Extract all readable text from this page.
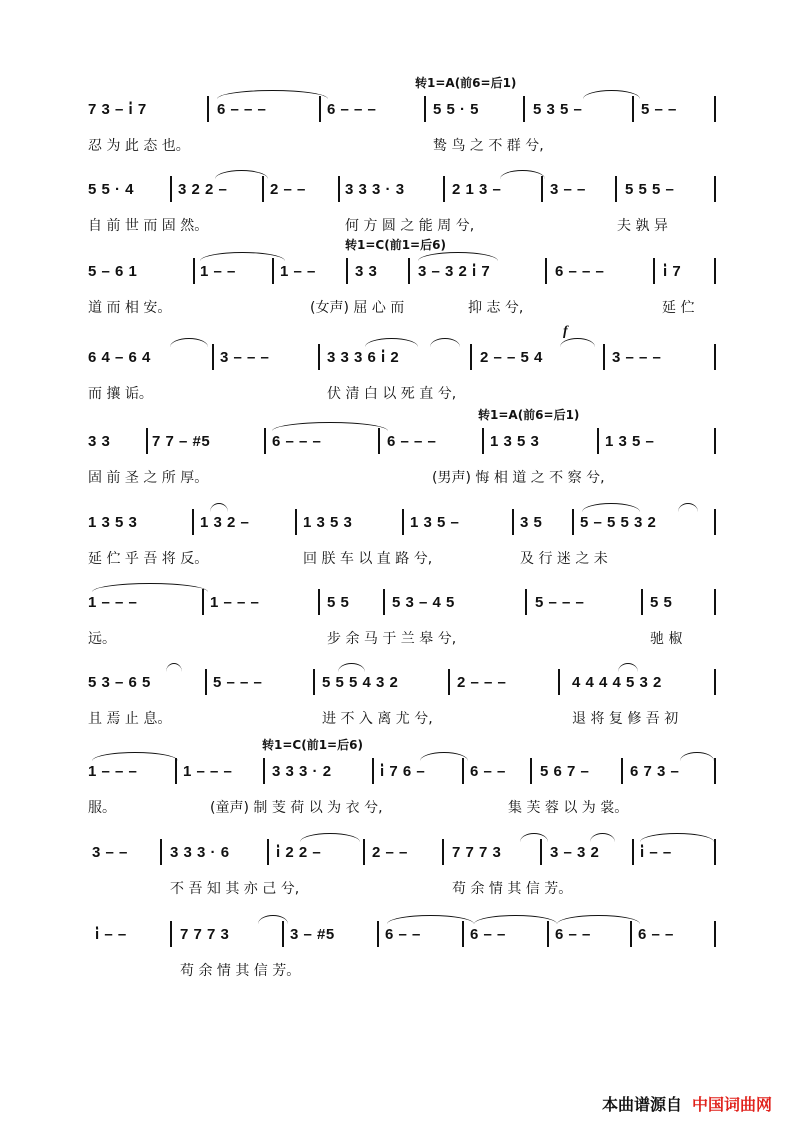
转1=A(前6=后1)
7 3 – i̇ 7	6 – – –	6 – – –	5 5 · 5	5 3 5 –	5 – –
忍 为 此 态 也。	鸷 鸟 之 不 群 兮,
5 5 · 4	3 2 2 –	2 – –	3 3 3 · 3	2 1 3 –	3 – –	5 5 5 –
自 前 世 而 固 然。	何 方 圆 之 能 周 兮,	夫 孰 异
转1=C(前1=后6)
5 – 6 1	1 – –	1 – –	3 3	3 – 3 2 i̇ 7	6 – – –	i̇ 7
道 而 相 安。	(女声) 屈 心 而	抑 志 兮,	延 伫
f
6 4 – 6 4	3 – – –	3 3 3 6 i̇ 2	2 – – 5 4	3 – – –
而 攘 诟。	伏 清 白 以 死 直 兮,
转1=A(前6=后1)
3 3	7 7 – #5	6 – – –	6 – – –	1 3 5 3	1 3 5 –
固 前 圣 之 所 厚。	(男声) 悔 相 道 之 不 察 兮,
1 3 5 3	1 3 2 –	1 3 5 3	1 3 5 –	3 5	5 – 5 5 3 2
延 伫 乎 吾 将 反。	回 朕 车 以 直 路 兮,	及 行 迷 之 未
1 – – –	1 – – –	5 5	5 3 – 4 5	5 – – –	5 5
远。	步 余 马 于 兰 皋 兮,	驰 椒
5 3 – 6 5	5 – – –	5 5 5 4 3 2	2 – – –	4 4 4 4 5 3 2
且 焉 止 息。	进 不 入 离 尤 兮,	退 将 复 修 吾 初
转1=C(前1=后6)
1 – – –	1 – – –	3 3 3 · 2	i̇ 7 6 –	6 – – 5 6 7 –	6 7 3 –
服。	(童声) 制 芰 荷 以 为 衣 兮,	集 芙 蓉 以 为 裳。
3 – –	3 3 3 · 6	i̇ 2 2 –	2 – –	7 7 7 3	3 – 3 2	i̇ – –
不 吾 知 其 亦 己 兮,	苟 余 情 其 信 芳。
i̇ – –	7 7 7 3	3 – #5	6 – –	6 – –	6 – –	6 – –
苟 余 情 其 信 芳。
本曲谱源自 中国词曲网
